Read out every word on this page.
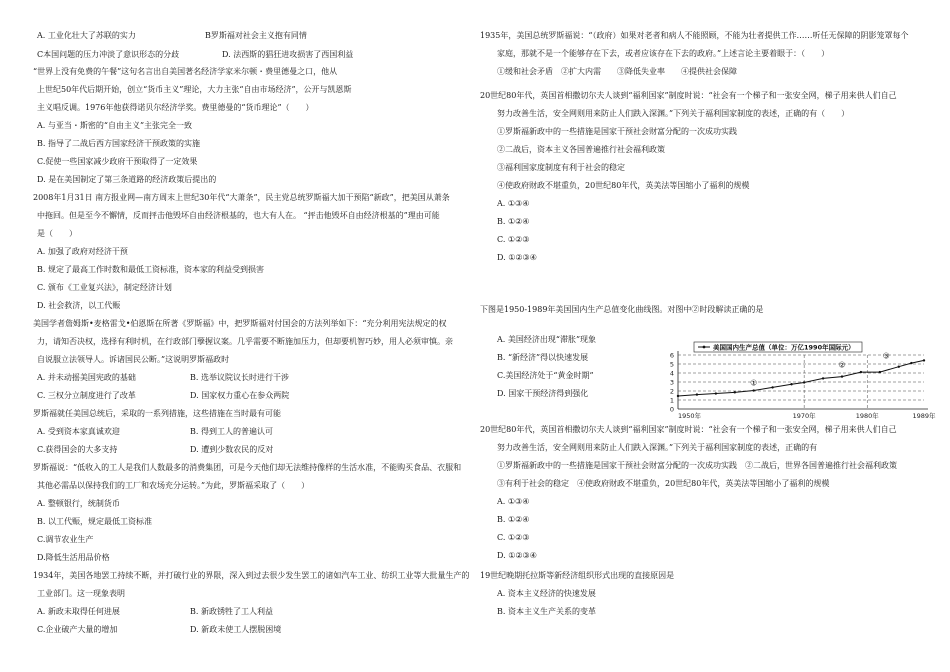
A. 工业化壮大了苏联的实力	B罗斯福对社会主义抱有同情
C本国问题的压力冲淡了意识形态的分歧	D. 法西斯的猖狂进攻损害了西国利益
“世界上没有免费的午餐”这句名言出自美国著名经济学家米尔顿・费里德曼之口，他从
上世纪50年代后期开始，创立“货币主义”理论，大力主张“自由市场经济”，公开与凯恩斯
主义唱反调。1976年他获得诺贝尔经济学奖。费里德曼的“货币理论”（　　）
A. 与亚当・斯密的“自由主义”主张完全一致
B. 指导了二战后西方国家经济干预政策的实施
C.促使一些国家减少政府干预取得了一定效果
D. 是在美国制定了第三条道路的经济政策后提出的
2008年1月31日 南方报业网—南方周末上世纪30年代“大萧条”，民主党总统罗斯福大加干预陷“新政”，把美国从萧条
中拖回。但是至今不懈情，反而抨击他毁坏自由经济根基的，也大有人在。 “抨击他毁坏自由经济根基的”理由可能
是（　　）
A. 加强了政府对经济干预
B. 规定了最高工作时数和最低工资标准，资本家的利益受到损害
C. 颁布《工业复兴法》，制定经济计划
D. 社会救济，以工代赈
美国学者詹姆斯•麦格雷戈•伯恩斯在所著《罗斯福》中，把罗斯福对付国会的方法列举如下：“充分利用宪法规定的权
力，请知否决权，选择有利时机，在行政部门孽握议案。几乎需要不断施加压力，但却要机智巧妙，用人必须审慎。亲
自说服立法领导人。诉诸国民公断。”这说明罗斯福政时
A. 并未动摇美国宪政的基础	B. 选举议院议长时进行干涉
C. 三权分立制度进行了改革	D. 国家权力重心在参众两院
罗斯福就任美国总统后，采取的一系列措施，这些措施在当时最有可能
A. 受到资本家真诚欢迎	B. 得到工人的普遍认可
C.获得国会的大多支持	D. 遭到少数农民的反对
罗斯福说：“低收入的工人是我们人数最多的消费集团，可是今天他们却无法维持像样的生活水准，不能购买食品、衣服和
其他必需品以保持我们的工厂和农场充分运转。”为此，罗斯福采取了（　　）
A. 整顿银行，统制货币
B. 以工代赈，规定最低工资标准
C.调节农业生产
D.降低生活用品价格
1934年，美国各地罢工持续不断，并打破行业的界限，深入到过去很少发生罢工的诸如汽车工业、纺织工业等大批量生产的
工业部门。这一现象表明
A. 新政未取得任何进展	B. 新政锈牲了工人利益
C.企业破产大量的增加	D. 新政未使工人摆脱困境
1935年，美国总统罗斯福说：“（政府）如果对老者和病人不能照顾，不能为壮者提供工作……听任无保障的阴影笼罩每个
家庭，那就不是一个能够存在下去，或者应该存在下去的政府。”上述言论主要着眼于：（　　）
①缓和社会矛盾　②扩大内需　　③降低失业率　　④提供社会保障
20世纪80年代，英国首相撒切尔夫人谈到“福利国家”制度时说：“社会有一个梯子和一张安全网，梯子用来供人们自己
努力改善生活，安全网则用来防止人们跌入深渊。”下列关于福利国家制度的表述，正确的有（　　）
①罗斯福新政中的一些措施是国家干预社会财富分配的一次成功实践
②二战后，资本主义各国普遍推行社会福利政策
③福利国家度制度有利于社会的稳定
④使政府财政不堪重负，20世纪80年代，英美法等国缩小了福利的规模
A. ①③④
B. ①②④
C. ①②③
D. ①②③④
下图是1950-1989年美国国内生产总值变化曲线图。对图中②时段解读正确的是
A. 美国经济出现“滞胀”现象
B. “新经济”得以快速发展
C.美国经济处于“黄金时期”
D. 国家干预经济得到强化
20世纪80年代，英国首相撒切尔夫人谈到“福利国家”制度时说：“社会有一个梯子和一张安全网，梯子用来供人们自己
努力改善生活，安全网则用来防止人们跌入深渊。”下列关于福利国家制度的表述，正确的有
①罗斯福新政中的一些措施是国家干预社会财富分配的一次成功实践　②二战后，世界各国普遍推行社会福利政策
③有利于社会的稳定　④使政府财政不堪重负，20世纪80年代，英美法等国缩小了福利的规模
A. ①③④
B. ①②④
C. ①②③
D. ①②③④
19世纪晚期托拉斯等新经济组织形式出现的直接原因是
A. 资本主义经济的快速发展
B. 资本主义生产关系的变革
0
1
2
3
4
5
6
1950年	1970年	1980年	1989年
美国国内生产总值（单位：万亿1990年国际元）
①
②
③
